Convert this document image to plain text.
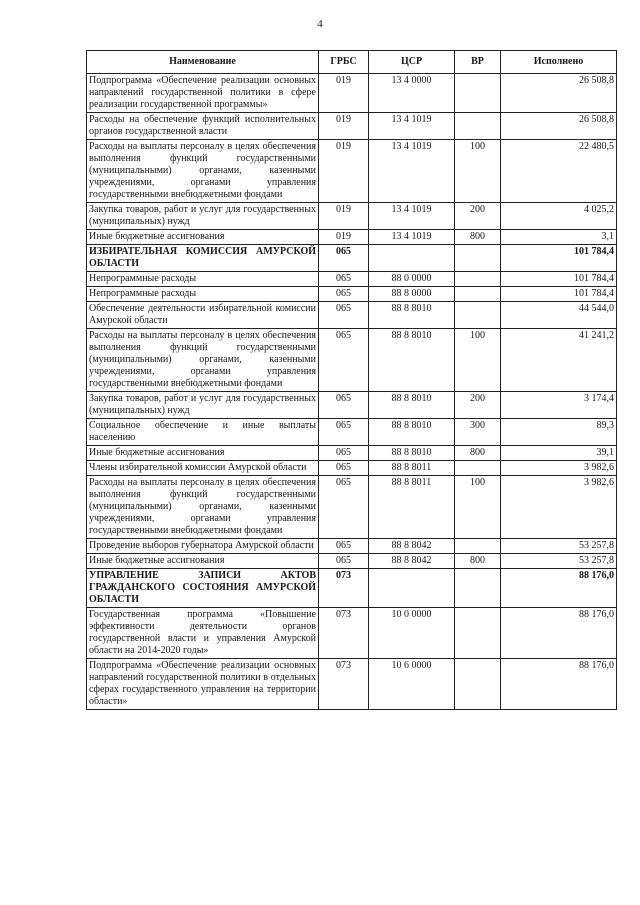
4
Наименование	ГРБС	ЦСР	ВР	Исполнено
Подпрограмма «Обеспечение реализации основных направлений государственной политики в сфере реализации государственной программы»	019	13 4 0000		26 508,8
Расходы на обеспечение функций исполнительных органов государственной власти	019	13 4 1019		26 508,8
Расходы на выплаты персоналу в целях обеспечения выполнения функций государственными (муниципальными) органами, казенными учреждениями, органами управления государственными внебюджетными фондами	019	13 4 1019	100	22 480,5
Закупка товаров, работ и услуг для государственных (муниципальных) нужд	019	13 4 1019	200	4 025,2
Иные бюджетные ассигнования	019	13 4 1019	800	3,1
ИЗБИРАТЕЛЬНАЯ КОМИССИЯ АМУРСКОЙ ОБЛАСТИ	065			101 784,4
Непрограммные расходы	065	88 0 0000		101 784,4
Непрограммные расходы	065	88 8 0000		101 784,4
Обеспечение деятельности избирательной комиссии Амурской области	065	88 8 8010		44 544,0
Расходы на выплаты персоналу в целях обеспечения выполнения функций государственными (муниципальными) органами, казенными учреждениями, органами управления государственными внебюджетными фондами	065	88 8 8010	100	41 241,2
Закупка товаров, работ и услуг для государственных (муниципальных) нужд	065	88 8 8010	200	3 174,4
Социальное обеспечение и иные выплаты населению	065	88 8 8010	300	89,3
Иные бюджетные ассигнования	065	88 8 8010	800	39,1
Члены избирательной комиссии Амурской области	065	88 8 8011		3 982,6
Расходы на выплаты персоналу в целях обеспечения выполнения функций государственными (муниципальными) органами, казенными учреждениями, органами управления государственными внебюджетными фондами	065	88 8 8011	100	3 982,6
Проведение выборов губернатора Амурской области	065	88 8 8042		53 257,8
Иные бюджетные ассигнования	065	88 8 8042	800	53 257,8
УПРАВЛЕНИЕ ЗАПИСИ АКТОВ ГРАЖДАНСКОГО СОСТОЯНИЯ АМУРСКОЙ ОБЛАСТИ	073			88 176,0
Государственная программа «Повышение эффективности деятельности органов государственной власти и управления Амурской области на 2014-2020 годы»	073	10 0 0000		88 176,0
Подпрограмма «Обеспечение реализации основных направлений государственной политики в отдельных сферах государственного управления на территории области»	073	10 6 0000		88 176,0
